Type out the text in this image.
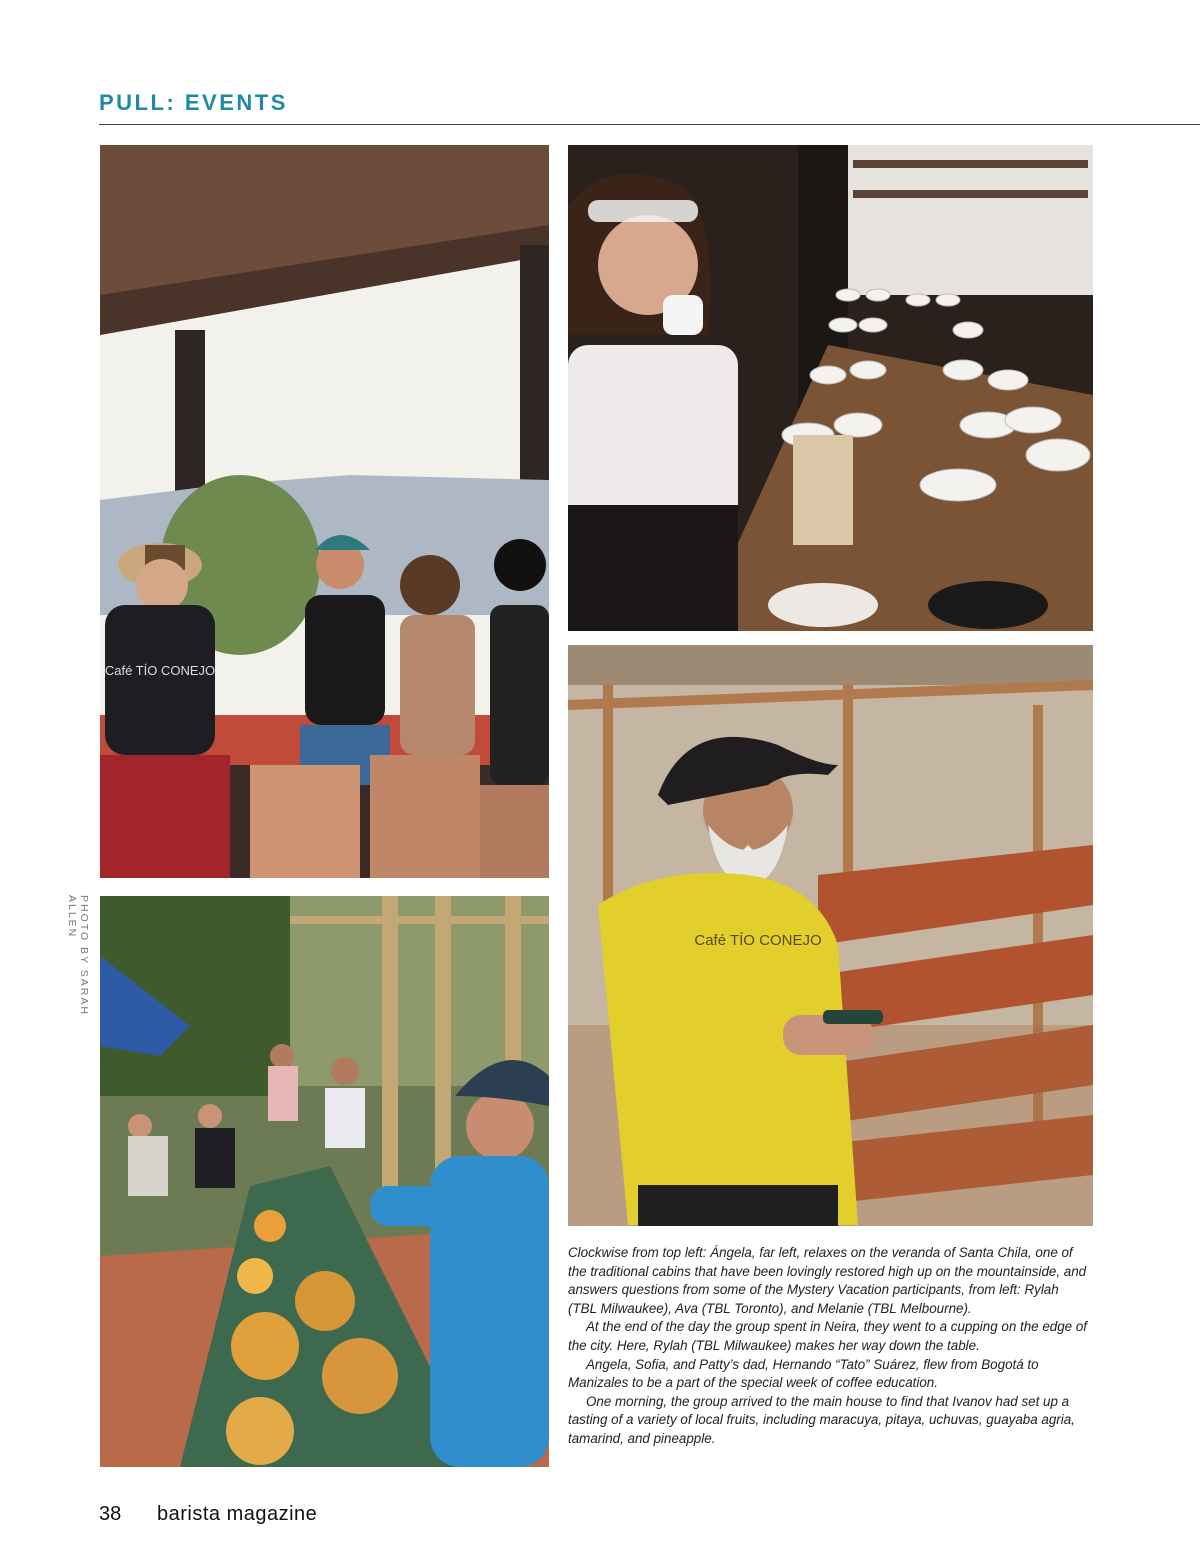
PULL: EVENTS
Café TÍO CONEJO
Café TÍO CONEJO
PHOTO BY SARAH ALLEN

Clockwise from top left: Ángela, far left, relaxes on the veranda of Santa Chila, one of the traditional cabins that have been lovingly restored high up on the mountainside, and answers questions from some of the Mystery Vacation participants, from left: Rylah (TBL Milwaukee), Ava (TBL Toronto), and Melanie (TBL Melbourne).

At the end of the day the group spent in Neira, they went to a cupping on the edge of the city. Here, Rylah (TBL Milwaukee) makes her way down the table.

Angela, Sofia, and Patty’s dad, Hernando “Tato” Suárez, flew from Bogotá to Manizales to be a part of the special week of coffee education.

One morning, the group arrived to the main house to find that Ivanov had set up a tasting of a variety of local fruits, including maracuya, pitaya, uchuvas, guayaba agria, tamarind, and pineapple.

38 barista magazine
